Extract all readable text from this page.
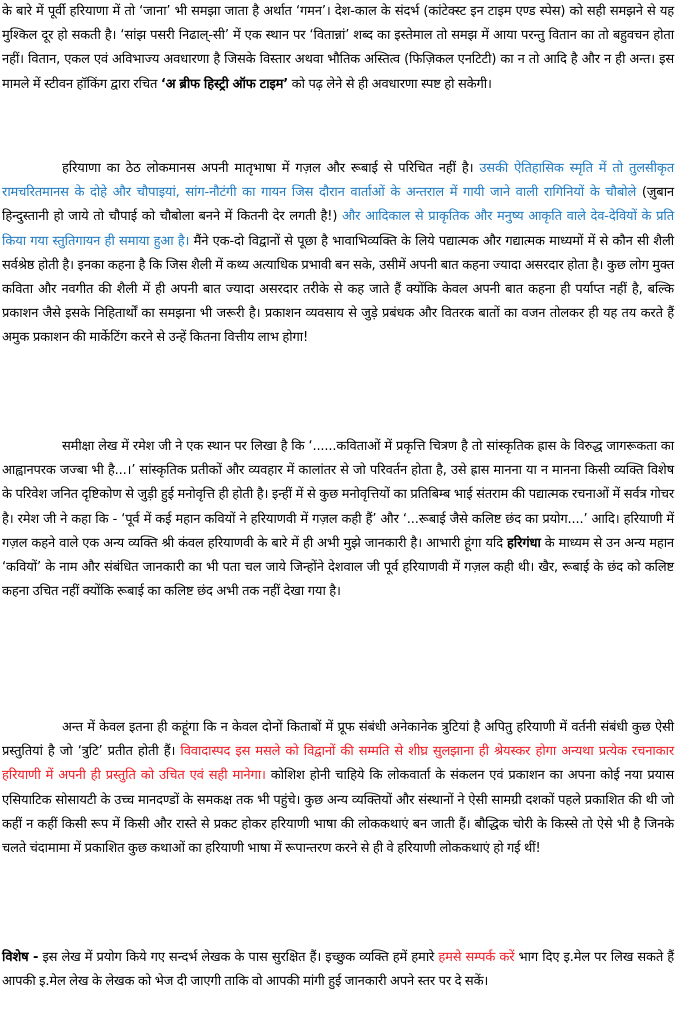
के बारे में पूर्वी हरियाणा में तो ‘जाना’ भी समझा जाता है अर्थात ‘गमन’। देश-काल के संदर्भ (कांटेक्स्ट इन टाइम एण्ड स्पेस) को सही समझने से यह मुश्किल दूर हो सकती है। ‘सांझ पसरी निढाल्-सी’ में एक स्थान पर ‘वितान्नां’ शब्द का इस्तेमाल तो समझ में आया परन्तु वितान का तो बहुवचन होता नहीं। वितान, एकल एवं अविभाज्य अवधारणा है जिसके विस्तार अथवा भौतिक अस्तित्व (फिज़िकल एनटिटी) का न तो आदि है और न ही अन्त। इस मामले में स्टीवन हॉकिंग द्वारा रचित ‘अ ब्रीफ हिस्ट्री ऑफ टाइम’ को पढ़ लेने से ही अवधारणा स्पष्ट हो सकेगी।

हरियाणा का ठेठ लोकमानस अपनी मातृभाषा में गज़ल और रूबाई से परिचित नहीं है। उसकी ऐतिहासिक स्मृति में तो तुलसीकृत रामचरितमानस के दोहे और चौपाइयां, सांग-नौटंगी का गायन जिस दौरान वार्ताओं के अन्तराल में गायी जाने वाली रागिनियों के चौबोले (ज़ुबान हिन्दुस्तानी हो जाये तो चौपाई को चौबोला बनने में कितनी देर लगती है!) और आदिकाल से प्राकृतिक और मनुष्य आकृति वाले देव-देवियों के प्रति किया गया स्तुतिगायन ही समाया हुआ है। मैंने एक-दो विद्वानों से पूछा है भावाभिव्यक्ति के लिये पद्यात्मक और गद्यात्मक माध्यमों में से कौन सी शैली सर्वश्रेष्ठ होती है। इनका कहना है कि जिस शैली में कथ्य अत्याधिक प्रभावी बन सके, उसीमें अपनी बात कहना ज्यादा असरदार होता है। कुछ लोग मुक्त कविता और नवगीत की शैली में ही अपनी बात ज्यादा असरदार तरीके से कह जाते हैं क्योंकि केवल अपनी बात कहना ही पर्याप्त नहीं है, बल्कि प्रकाशन जैसे इसके निहितार्थों का समझना भी जरूरी है। प्रकाशन व्यवसाय से जुड़े प्रबंधक और वितरक बातों का वजन तोलकर ही यह तय करते हैं अमुक प्रकाशन की मार्केटिंग करने से उन्हें कितना वित्तीय लाभ होगा!

समीक्षा लेख में रमेश जी ने एक स्थान पर लिखा है कि ‘......कविताओं में प्रकृत्ति चित्रण है तो सांस्कृतिक ह्रास के विरुद्ध जागरूकता का आह्वानपरक जज्बा भी है...।’ सांस्कृतिक प्रतीकों और व्यवहार में कालांतर से जो परिवर्तन होता है, उसे ह्रास मानना या न मानना किसी व्यक्ति विशेष के परिवेश जनित दृष्टिकोण से जुड़ी हुई मनोवृत्ति ही होती है। इन्हीं में से कुछ मनोवृत्तियों का प्रतिबिम्ब भाई संतराम की पद्यात्मक रचनाओं में सर्वत्र गोचर है। रमेश जी ने कहा कि - ‘पूर्व में कई महान कवियों ने हरियाणवी में गज़ल कही हैं’ और ‘...रूबाई जैसे कलिष्ट छंद का प्रयोग....’ आदि। हरियाणी में गज़ल कहने वाले एक अन्य व्यक्ति श्री कंवल हरियाणवी के बारे में ही अभी मुझे जानकारी है। आभारी हूंगा यदि हरिगंधा के माध्यम से उन अन्य महान ‘कवियों’ के नाम और संबंधित जानकारी का भी पता चल जाये जिन्होंने देशवाल जी पूर्व हरियाणवी में गज़ल कही थी। खैर, रूबाई के छंद को कलिष्ट कहना उचित नहीं क्योंकि रूबाई का कलिष्ट छंद अभी तक नहीं देखा गया है।

अन्त में केवल इतना ही कहूंगा कि न केवल दोनों किताबों में प्रूफ संबंधी अनेकानेक त्रुटियां है अपितु हरियाणी में वर्तनी संबंधी कुछ ऐसी प्रस्तुतियां है जो ‘त्रुटि’ प्रतीत होती हैं। विवादास्पद इस मसले को विद्वानों की सम्मति से शीघ्र सुलझाना ही श्रेयस्कर होगा अन्यथा प्रत्येक रचनाकार हरियाणी में अपनी ही प्रस्तुति को उचित एवं सही मानेगा। कोशिश होनी चाहिये कि लोकवार्ता के संकलन एवं प्रकाशन का अपना कोई नया प्रयास एसियाटिक सोसायटी के उच्च मानदण्डों के समकक्ष तक भी पहुंचे। कुछ अन्य व्यक्तियों और संस्थानों ने ऐसी सामग्री दशकों पहले प्रकाशित की थी जो कहीं न कहीं किसी रूप में किसी और रास्ते से प्रकट होकर हरियाणी भाषा की लोककथाएं बन जाती हैं। बौद्धिक चोरी के किस्से तो ऐसे भी है जिनके चलते चंदामामा में प्रकाशित कुछ कथाओं का हरियाणी भाषा में रूपान्तरण करने से ही वे हरियाणी लोककथाएं हो गई थीं!

विशेष - इस लेख में प्रयोग किये गए सन्दर्भ लेखक के पास सुरक्षित हैं। इच्छुक व्यक्ति हमें हमारे हमसे सम्पर्क करें भाग दिए इ.मेल पर लिख सकते हैं आपकी इ.मेल लेख के लेखक को भेज दी जाएगी ताकि वो आपकी मांगी हुई जानकारी अपने स्तर पर दे सकें।
